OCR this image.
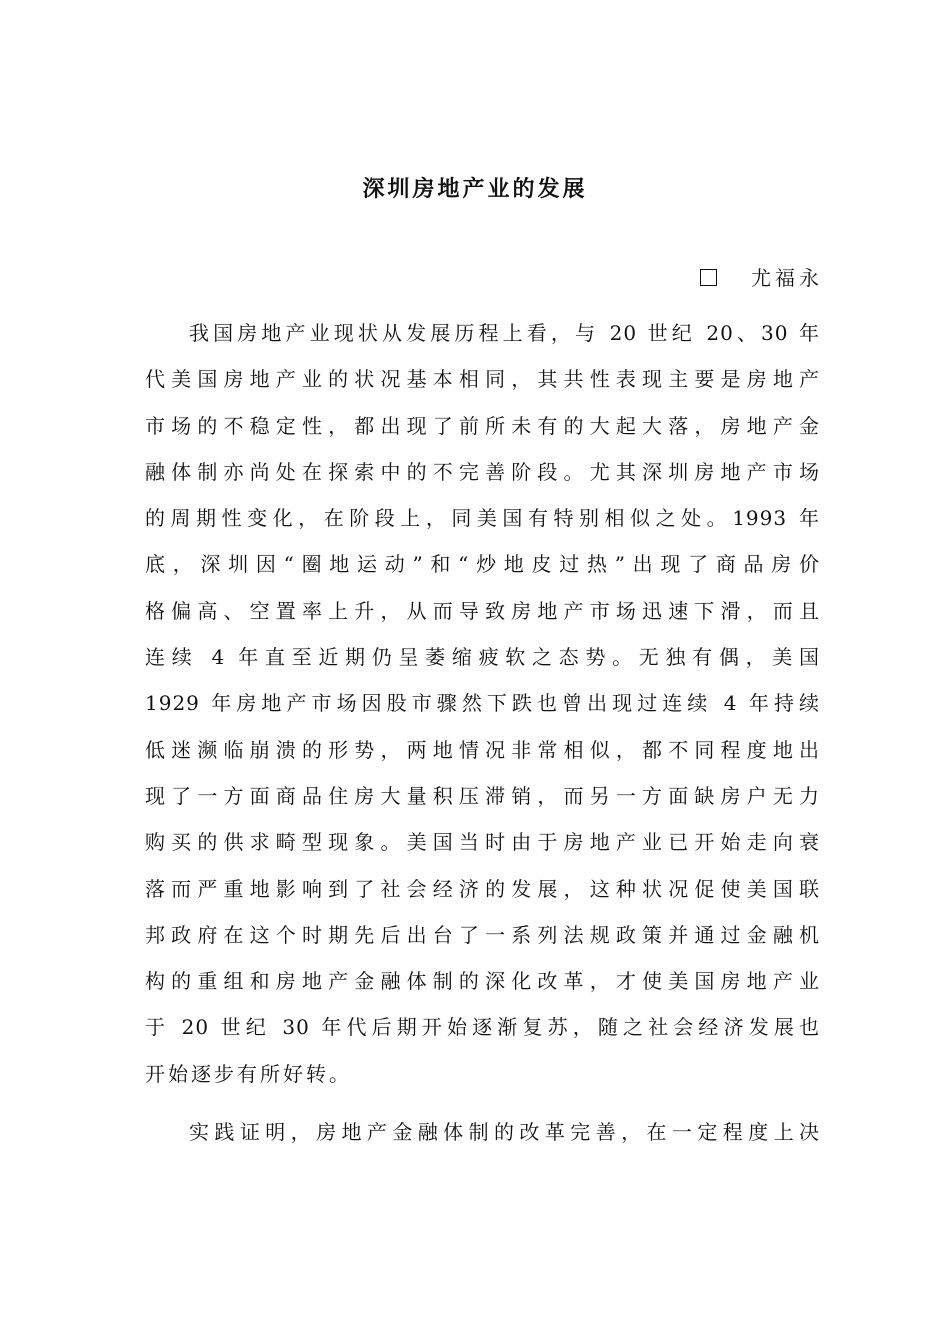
深圳房地产业的发展
尤福永
我国房地产业现状从发展历程上看，与 20 世纪 20、30 年
代美国房地产业的状况基本相同，其共性表现主要是房地产
市场的不稳定性，都出现了前所未有的大起大落，房地产金
融体制亦尚处在探索中的不完善阶段。尤其深圳房地产市场
的周期性变化，在阶段上，同美国有特别相似之处。1993 年
底，深圳因“圈地运动”和“炒地皮过热”出现了商品房价
格偏高、空置率上升，从而导致房地产市场迅速下滑，而且
连续 4 年直至近期仍呈萎缩疲软之态势。无独有偶，美国
1929 年房地产市场因股市骤然下跌也曾出现过连续 4 年持续
低迷濒临崩溃的形势，两地情况非常相似，都不同程度地出
现了一方面商品住房大量积压滞销，而另一方面缺房户无力
购买的供求畸型现象。美国当时由于房地产业已开始走向衰
落而严重地影响到了社会经济的发展，这种状况促使美国联
邦政府在这个时期先后出台了一系列法规政策并通过金融机
构的重组和房地产金融体制的深化改革，才使美国房地产业
于 20 世纪 30 年代后期开始逐渐复苏，随之社会经济发展也
开始逐步有所好转。
实践证明，房地产金融体制的改革完善，在一定程度上决
